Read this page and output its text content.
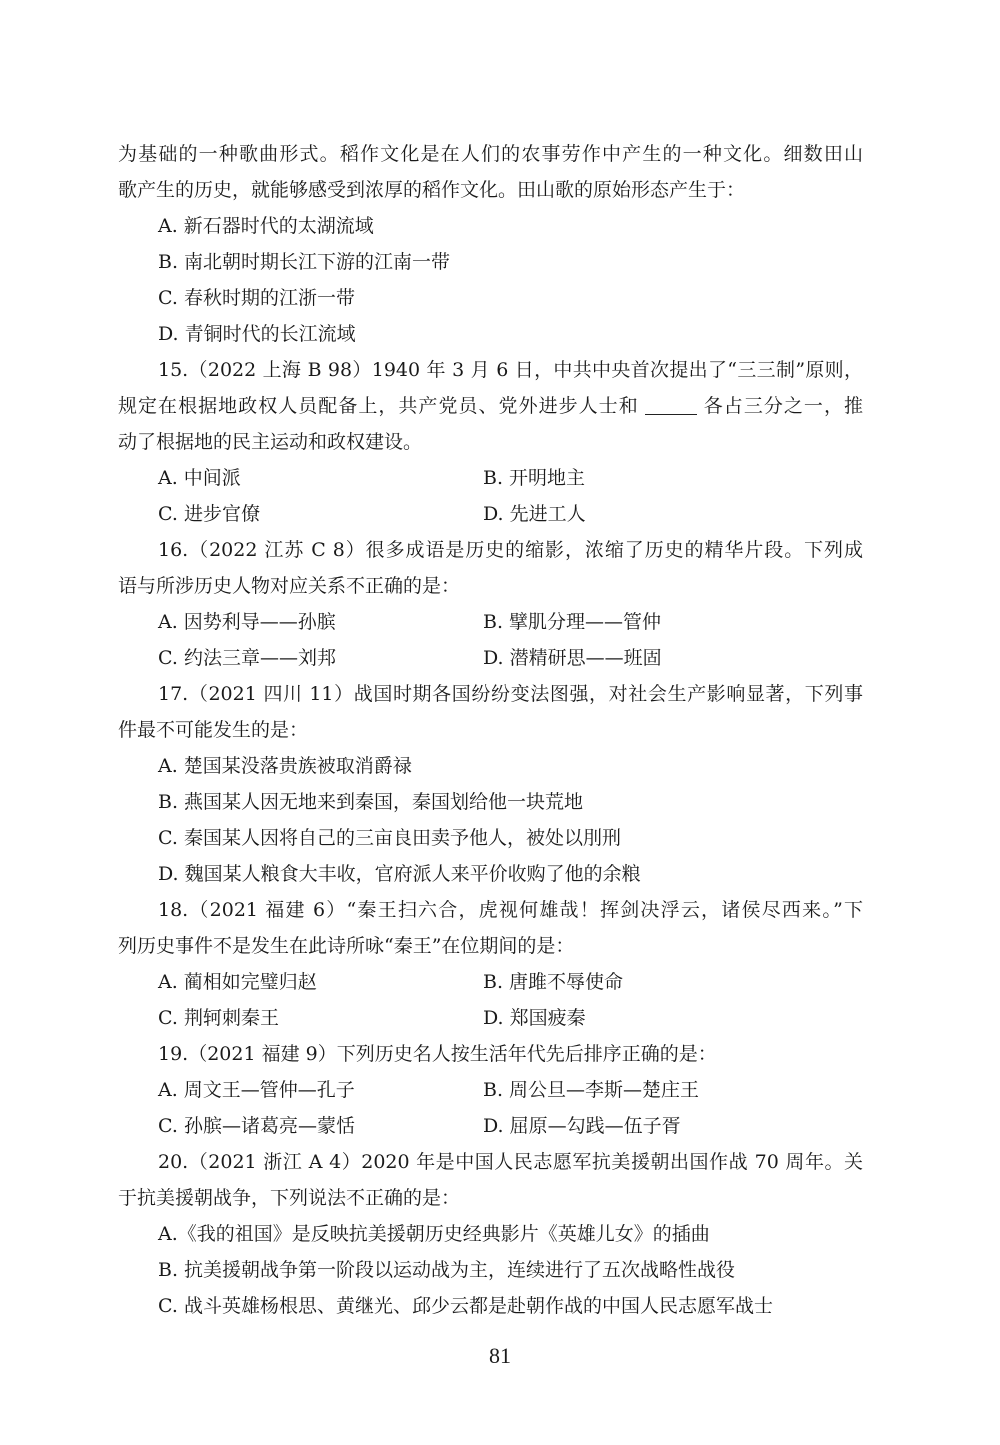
为基础的一种歌曲形式。稻作文化是在人们的农事劳作中产生的一种文化。细数田山
歌产生的历史，就能够感受到浓厚的稻作文化。田山歌的原始形态产生于：
A. 新石器时代的太湖流域
B. 南北朝时期长江下游的江南一带
C. 春秋时期的江浙一带
D. 青铜时代的长江流域
15.（2022 上海 B 98）1940 年 3 月 6 日，中共中央首次提出了“三三制”原则，
规定在根据地政权人员配备上，共产党员、党外进步人士和	各占三分之一，推
动了根据地的民主运动和政权建设。
A. 中间派	B. 开明地主
C. 进步官僚	D. 先进工人
16.（2022 江苏 C 8）很多成语是历史的缩影，浓缩了历史的精华片段。下列成
语与所涉历史人物对应关系不正确的是：
A. 因势利导——孙膑	B. 擘肌分理——管仲
C. 约法三章——刘邦	D. 潜精研思——班固
17.（2021 四川 11）战国时期各国纷纷变法图强，对社会生产影响显著，下列事
件最不可能发生的是：
A. 楚国某没落贵族被取消爵禄
B. 燕国某人因无地来到秦国，秦国划给他一块荒地
C. 秦国某人因将自己的三亩良田卖予他人，被处以刖刑
D. 魏国某人粮食大丰收，官府派人来平价收购了他的余粮
18.（2021 福建 6）“秦王扫六合，虎视何雄哉！挥剑决浮云，诸侯尽西来。”下
列历史事件不是发生在此诗所咏“秦王”在位期间的是：
A. 蔺相如完璧归赵	B. 唐雎不辱使命
C. 荆轲刺秦王	D. 郑国疲秦
19.（2021 福建 9）下列历史名人按生活年代先后排序正确的是：
A. 周文王—管仲—孔子	B. 周公旦—李斯—楚庄王
C. 孙膑—诸葛亮—蒙恬	D. 屈原—勾践—伍子胥
20.（2021 浙江 A 4）2020 年是中国人民志愿军抗美援朝出国作战 70 周年。关
于抗美援朝战争，下列说法不正确的是：
A.《我的祖国》是反映抗美援朝历史经典影片《英雄儿女》的插曲
B. 抗美援朝战争第一阶段以运动战为主，连续进行了五次战略性战役
C. 战斗英雄杨根思、黄继光、邱少云都是赴朝作战的中国人民志愿军战士
81
